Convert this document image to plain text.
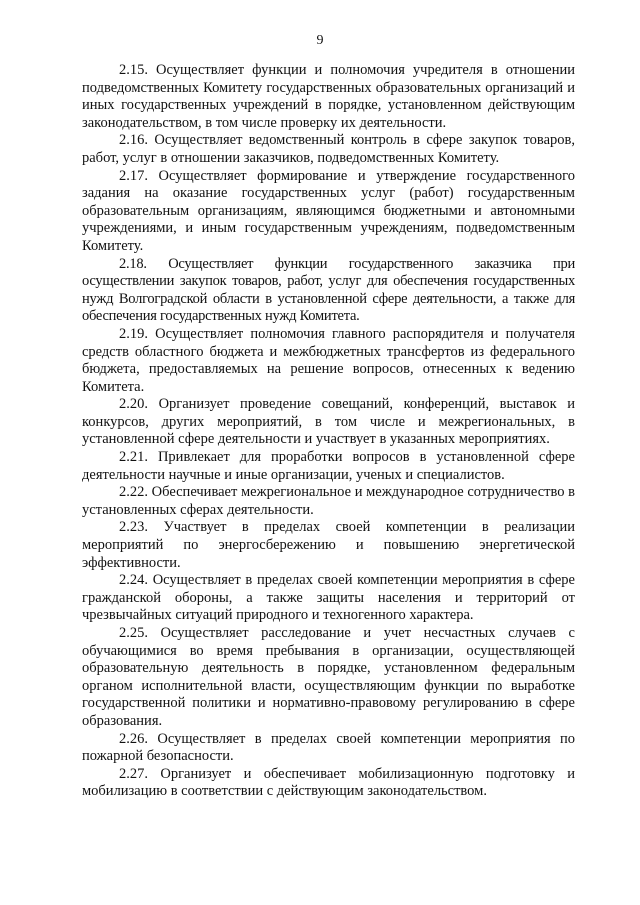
9

2.15. Осуществляет функции и полномочия учредителя в отношении подведомственных Комитету государственных образовательных организаций и иных государственных учреждений в порядке, установленном действующим законодательством, в том числе проверку их деятельности.

2.16. Осуществляет ведомственный контроль в сфере закупок товаров, работ, услуг в отношении заказчиков, подведомственных Комитету.

2.17. Осуществляет формирование и утверждение государственного задания на оказание государственных услуг (работ) государственным образовательным организациям, являющимся бюджетными и автономными учреждениями, и иным государственным учреждениям, подведомственным Комитету.

2.18. Осуществляет функции государственного заказчика при осуществлении закупок товаров, работ, услуг для обеспечения государственных нужд Волгоградской области в установленной сфере деятельности, а также для обеспечения государственных нужд Комитета.

2.19. Осуществляет полномочия главного распорядителя и получателя средств областного бюджета и межбюджетных трансфертов из федерального бюджета, предоставляемых на решение вопросов, отнесенных к ведению Комитета.

2.20. Организует проведение совещаний, конференций, выставок и конкурсов, других мероприятий, в том числе и межрегиональных, в установленной сфере деятельности и участвует в указанных мероприятиях.

2.21. Привлекает для проработки вопросов в установленной сфере деятельности научные и иные организации, ученых и специалистов.

2.22. Обеспечивает межрегиональное и международное сотрудничество в установленных сферах деятельности.

2.23. Участвует в пределах своей компетенции в реализации мероприятий по энергосбережению и повышению энергетической эффективности.

2.24. Осуществляет в пределах своей компетенции мероприятия в сфере гражданской обороны, а также защиты населения и территорий от чрезвычайных ситуаций природного и техногенного характера.

2.25. Осуществляет расследование и учет несчастных случаев с обучающимися во время пребывания в организации, осуществляющей образовательную деятельность в порядке, установленном федеральным органом исполнительной власти, осуществляющим функции по выработке государственной политики и нормативно-правовому регулированию в сфере образования.

2.26. Осуществляет в пределах своей компетенции мероприятия по пожарной безопасности.

2.27. Организует и обеспечивает мобилизационную подготовку и мобилизацию в соответствии с действующим законодательством.
